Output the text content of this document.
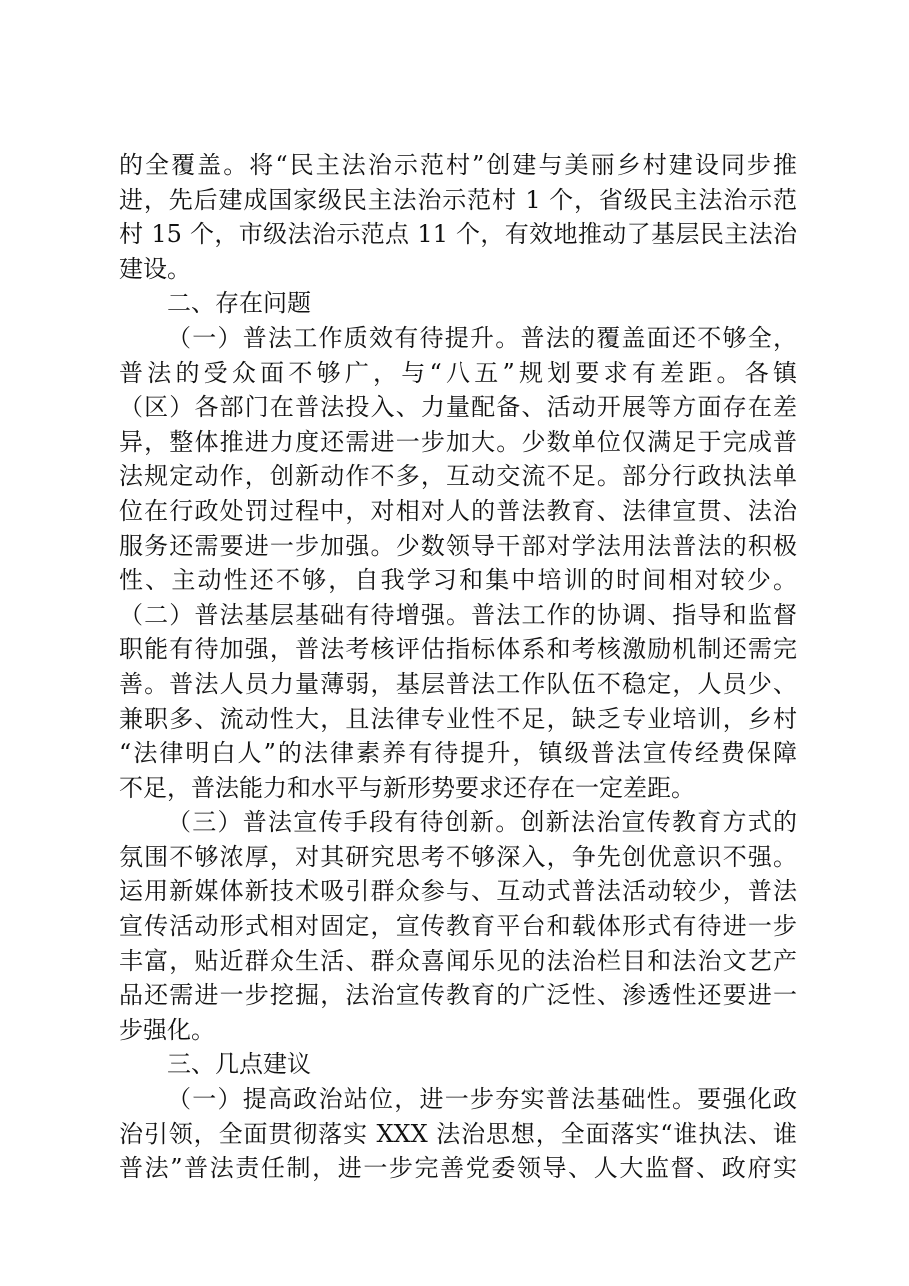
的全覆盖。将“民主法治示范村”创建与美丽乡村建设同步推
进，先后建成国家级民主法治示范村 1 个，省级民主法治示范
村 15 个，市级法治示范点 11 个，有效地推动了基层民主法治
建设。
二、存在问题
（一）普法工作质效有待提升。普法的覆盖面还不够全，
普法的受众面不够广，与“八五”规划要求有差距。各镇
（区）各部门在普法投入、力量配备、活动开展等方面存在差
异，整体推进力度还需进一步加大。少数单位仅满足于完成普
法规定动作，创新动作不多，互动交流不足。部分行政执法单
位在行政处罚过程中，对相对人的普法教育、法律宣贯、法治
服务还需要进一步加强。少数领导干部对学法用法普法的积极
性、主动性还不够，自我学习和集中培训的时间相对较少。
（二）普法基层基础有待增强。普法工作的协调、指导和监督
职能有待加强，普法考核评估指标体系和考核激励机制还需完
善。普法人员力量薄弱，基层普法工作队伍不稳定，人员少、
兼职多、流动性大，且法律专业性不足，缺乏专业培训，乡村
“法律明白人”的法律素养有待提升，镇级普法宣传经费保障
不足，普法能力和水平与新形势要求还存在一定差距。
（三）普法宣传手段有待创新。创新法治宣传教育方式的
氛围不够浓厚，对其研究思考不够深入，争先创优意识不强。
运用新媒体新技术吸引群众参与、互动式普法活动较少，普法
宣传活动形式相对固定，宣传教育平台和载体形式有待进一步
丰富，贴近群众生活、群众喜闻乐见的法治栏目和法治文艺产
品还需进一步挖掘，法治宣传教育的广泛性、渗透性还要进一
步强化。
三、几点建议
（一）提高政治站位，进一步夯实普法基础性。要强化政
治引领，全面贯彻落实 XXX 法治思想，全面落实“谁执法、谁
普法”普法责任制，进一步完善党委领导、人大监督、政府实
